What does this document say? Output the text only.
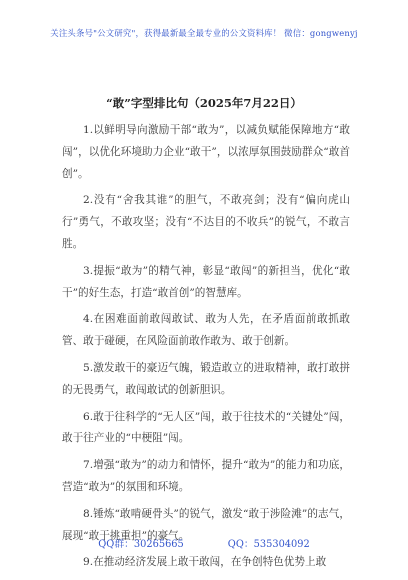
关注头条号"公文研究"，获得最新最全最专业的公文资料库！ 微信：gongwenyj
“敢”字型排比句（2025年7月22日）

1.以鲜明导向激励干部“敢为”，以减负赋能保障地方“敢闯”，以优化环境助力企业“敢干”，以浓厚氛围鼓励群众“敢首创”。

2.没有“舍我其谁”的胆气，不敢亮剑；没有“偏向虎山行”勇气，不敢攻坚；没有“不达目的不收兵”的锐气，不敢言胜。

3.提振“敢为”的精气神，彰显“敢闯”的新担当，优化“敢干”的好生态，打造“敢首创”的智慧库。

4.在困难面前敢闯敢试、敢为人先，在矛盾面前敢抓敢管、敢于碰硬，在风险面前敢作敢为、敢于创新。

5.激发敢干的豪迈气魄，锻造敢立的进取精神，敢打敢拼的无畏勇气，敢闯敢试的创新胆识。

6.敢于往科学的“无人区”闯，敢于往技术的“关键处”闯，敢于往产业的“中梗阻”闯。

7.增强“敢为”的动力和情怀，提升“敢为”的能力和功底，营造“敢为”的氛围和环境。

8.锤炼“敢啃硬骨头”的锐气，激发“敢于涉险滩”的志气，展现“敢于挑重担”的豪气。

9.在推动经济发展上敢干敢闯，在争创特色优势上敢

QQ群：30265665	QQ：535304092
